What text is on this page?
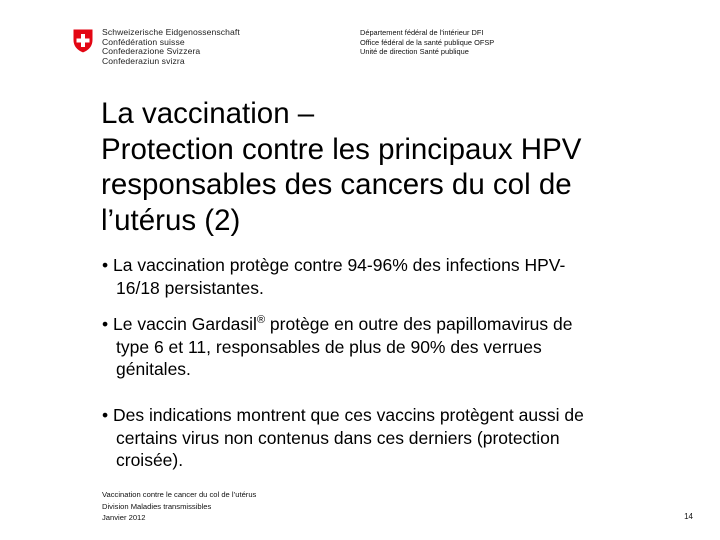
Schweizerische Eidgenossenschaft
Confédération suisse
Confederazione Svizzera
Confederaziun svizra
Département fédéral de l'intérieur DFI
Office fédéral de la santé publique OFSP
Unité de direction Santé publique
La vaccination –
Protection contre les principaux HPV
responsables des cancers du col de
l’utérus (2)
• La vaccination protège contre 94-96% des infections HPV-
16/18 persistantes.
• Le vaccin Gardasil® protège en outre des papillomavirus de
type 6 et 11, responsables de plus de 90% des verrues
génitales.
• Des indications montrent que ces vaccins protègent aussi de
certains virus non contenus dans ces derniers (protection
croisée).
Vaccination contre le cancer du col de l’utérus
Division Maladies transmissibles
Janvier 2012	14
